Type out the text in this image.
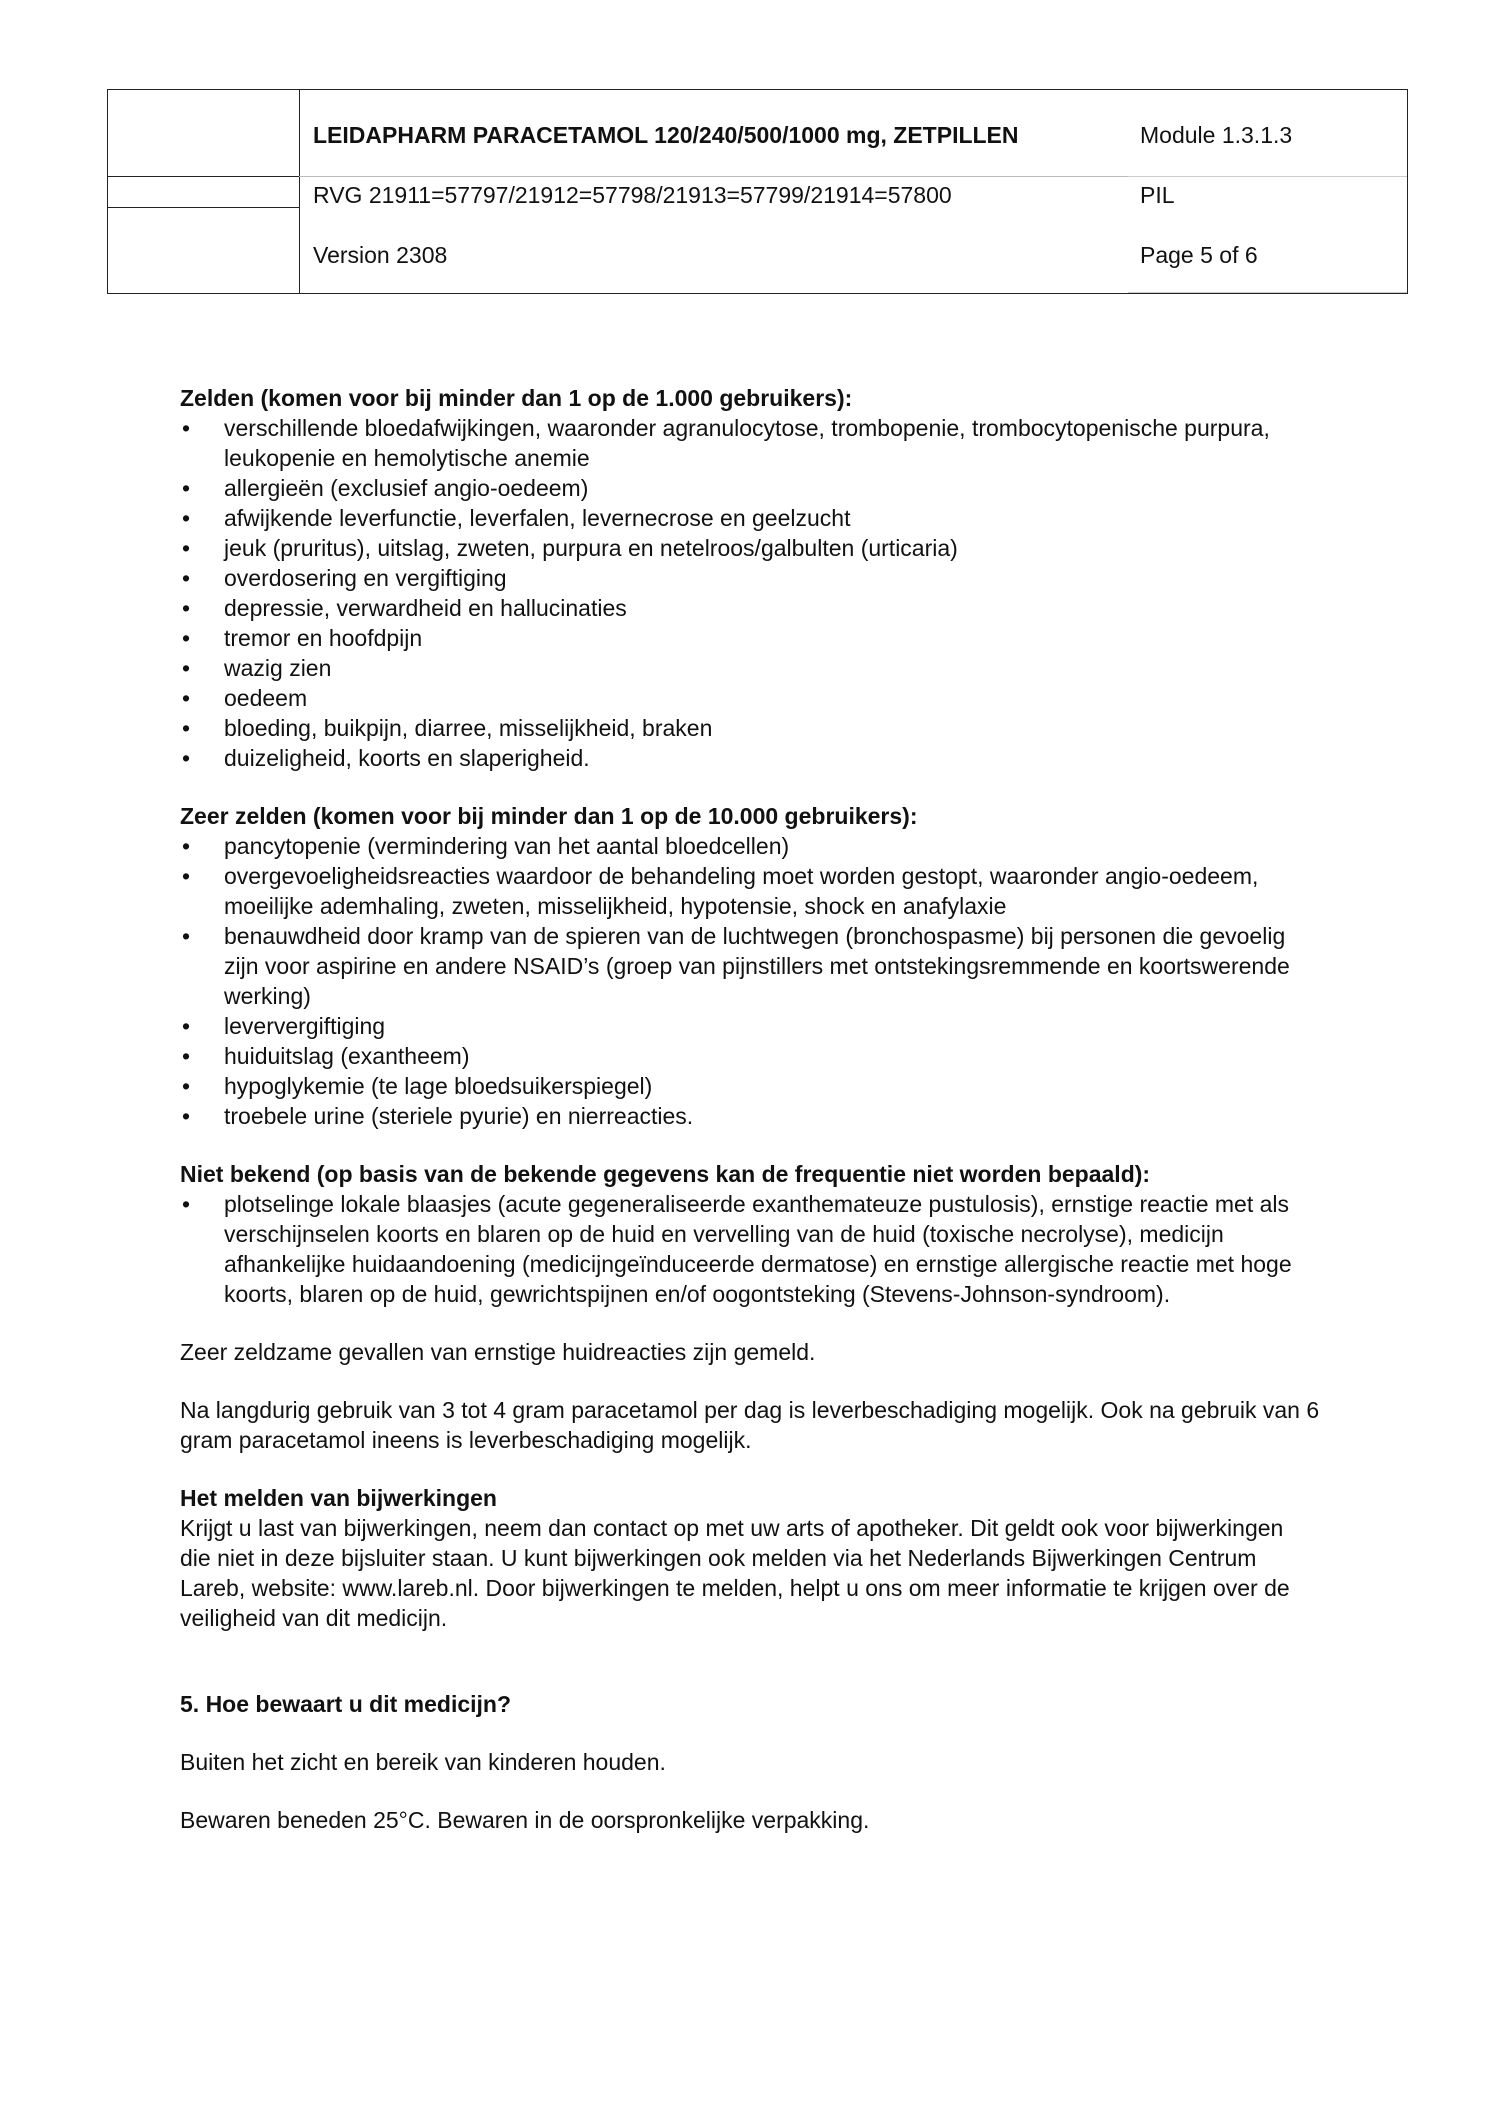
LEIDAPHARM PARACETAMOL 120/240/500/1000 mg, ZETPILLEN	Module 1.3.1.3
RVG 21911=57797/21912=57798/21913=57799/21914=57800	PIL
Version 2308	Page 5 of 6

Zelden (komen voor bij minder dan 1 op de 1.000 gebruikers):

• verschillende bloedafwijkingen, waaronder agranulocytose, trombopenie, trombocytopenische purpura, leukopenie en hemolytische anemie
• allergieën (exclusief angio-oedeem)
• afwijkende leverfunctie, leverfalen, levernecrose en geelzucht
• jeuk (pruritus), uitslag, zweten, purpura en netelroos/galbulten (urticaria)
• overdosering en vergiftiging
• depressie, verwardheid en hallucinaties
• tremor en hoofdpijn
• wazig zien
• oedeem
• bloeding, buikpijn, diarree, misselijkheid, braken
• duizeligheid, koorts en slaperigheid.

Zeer zelden (komen voor bij minder dan 1 op de 10.000 gebruikers):

• pancytopenie (vermindering van het aantal bloedcellen)
• overgevoeligheidsreacties waardoor de behandeling moet worden gestopt, waaronder angio-oedeem, moeilijke ademhaling, zweten, misselijkheid, hypotensie, shock en anafylaxie
• benauwdheid door kramp van de spieren van de luchtwegen (bronchospasme) bij personen die gevoelig zijn voor aspirine en andere NSAID’s (groep van pijnstillers met ontstekingsremmende en koortswerende werking)
• leververgiftiging
• huiduitslag (exantheem)
• hypoglykemie (te lage bloedsuikerspiegel)
• troebele urine (steriele pyurie) en nierreacties.

Niet bekend (op basis van de bekende gegevens kan de frequentie niet worden bepaald):

• plotselinge lokale blaasjes (acute gegeneraliseerde exanthemateuze pustulosis), ernstige reactie met als verschijnselen koorts en blaren op de huid en vervelling van de huid (toxische necrolyse), medicijn afhankelijke huidaandoening (medicijngeïnduceerde dermatose) en ernstige allergische reactie met hoge koorts, blaren op de huid, gewrichtspijnen en/of oogontsteking (Stevens-Johnson-syndroom).

Zeer zeldzame gevallen van ernstige huidreacties zijn gemeld.

Na langdurig gebruik van 3 tot 4 gram paracetamol per dag is leverbeschadiging mogelijk. Ook na gebruik van 6 gram paracetamol ineens is leverbeschadiging mogelijk.

Het melden van bijwerkingen

Krijgt u last van bijwerkingen, neem dan contact op met uw arts of apotheker. Dit geldt ook voor bijwerkingen die niet in deze bijsluiter staan. U kunt bijwerkingen ook melden via het Nederlands Bijwerkingen Centrum Lareb, website: www.lareb.nl. Door bijwerkingen te melden, helpt u ons om meer informatie te krijgen over de veiligheid van dit medicijn.

5. Hoe bewaart u dit medicijn?

Buiten het zicht en bereik van kinderen houden.

Bewaren beneden 25°C. Bewaren in de oorspronkelijke verpakking.
